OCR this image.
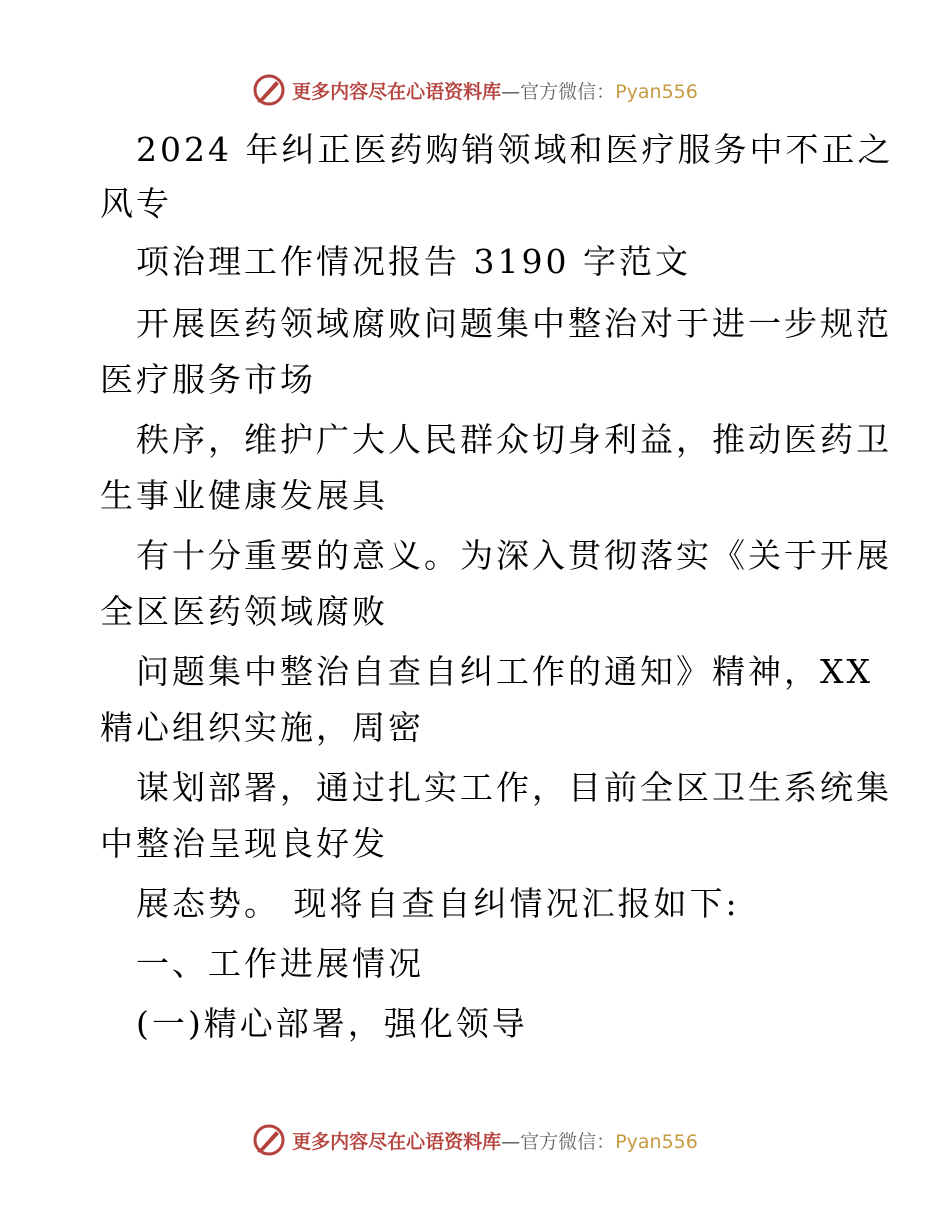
更多内容尽在心语资料库—官方微信：Pyan556
2024 年纠正医药购销领域和医疗服务中不正之
风专
项治理工作情况报告 3190 字范文
开展医药领域腐败问题集中整治对于进一步规范
医疗服务市场
秩序，维护广大人民群众切身利益，推动医药卫
生事业健康发展具
有十分重要的意义。为深入贯彻落实《关于开展
全区医药领域腐败
问题集中整治自查自纠工作的通知》精神，XX
精心组织实施，周密
谋划部署，通过扎实工作，目前全区卫生系统集
中整治呈现良好发
展态势。 现将自查自纠情况汇报如下:
一、工作进展情况
(一)精心部署，强化领导
更多内容尽在心语资料库—官方微信：Pyan556
